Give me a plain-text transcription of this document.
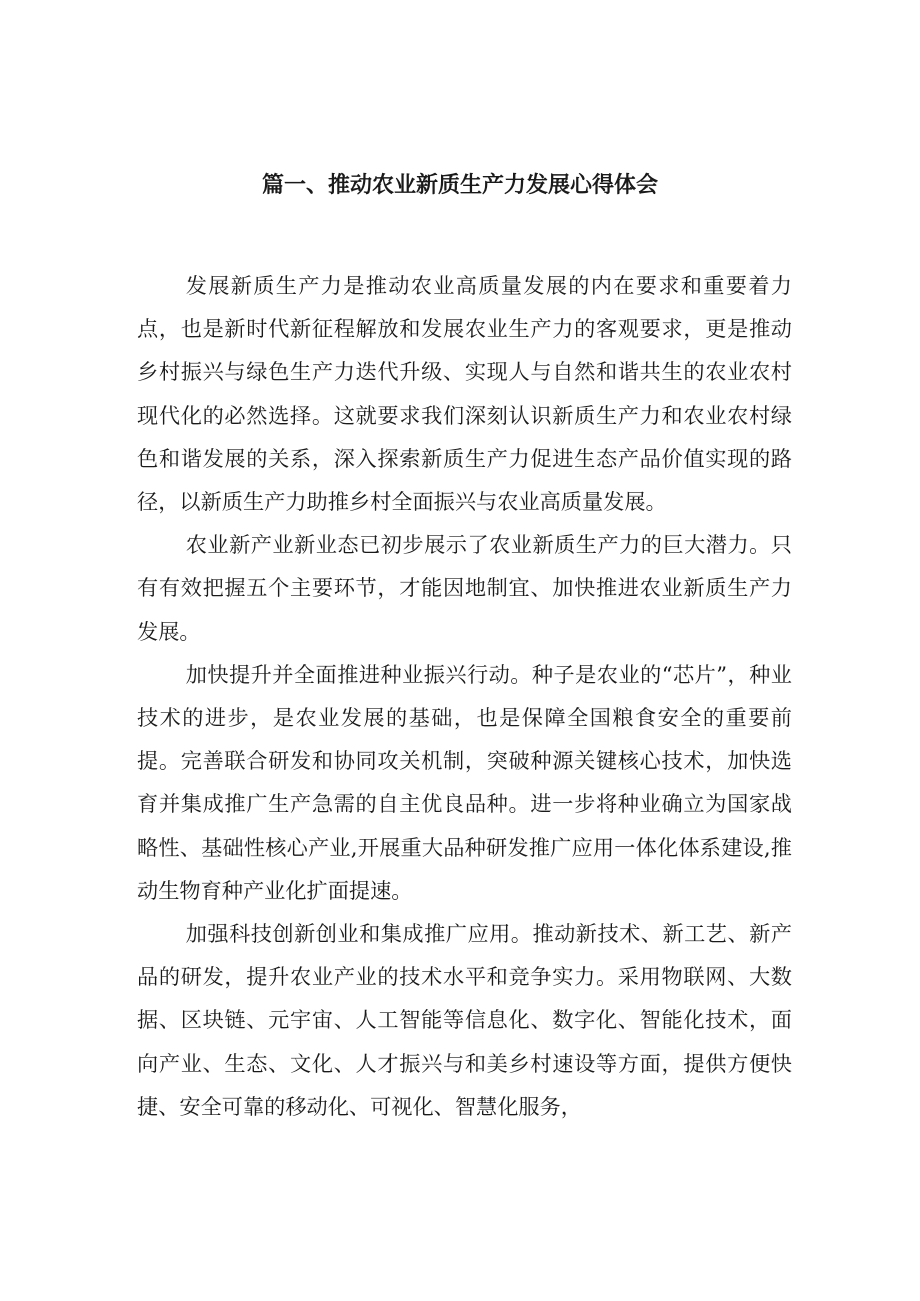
篇一、推动农业新质生产力发展心得体会

发展新质生产力是推动农业高质量发展的内在要求和重要着力点，也是新时代新征程解放和发展农业生产力的客观要求，更是推动乡村振兴与绿色生产力迭代升级、实现人与自然和谐共生的农业农村现代化的必然选择。这就要求我们深刻认识新质生产力和农业农村绿色和谐发展的关系，深入探索新质生产力促进生态产品价值实现的路径，以新质生产力助推乡村全面振兴与农业高质量发展。

农业新产业新业态已初步展示了农业新质生产力的巨大潜力。只有有效把握五个主要环节，才能因地制宜、加快推进农业新质生产力发展。

加快提升并全面推进种业振兴行动。种子是农业的“芯片”，种业技术的进步，是农业发展的基础，也是保障全国粮食安全的重要前提。完善联合研发和协同攻关机制，突破种源关键核心技术，加快选育并集成推广生产急需的自主优良品种。进一步将种业确立为国家战略性、基础性核心产业,开展重大品种研发推广应用一体化体系建设,推动生物育种产业化扩面提速。

加强科技创新创业和集成推广应用。推动新技术、新工艺、新产品的研发，提升农业产业的技术水平和竞争实力。采用物联网、大数据、区块链、元宇宙、人工智能等信息化、数字化、智能化技术，面向产业、生态、文化、人才振兴与和美乡村速设等方面，提供方便快捷、安全可靠的移动化、可视化、智慧化服务，
